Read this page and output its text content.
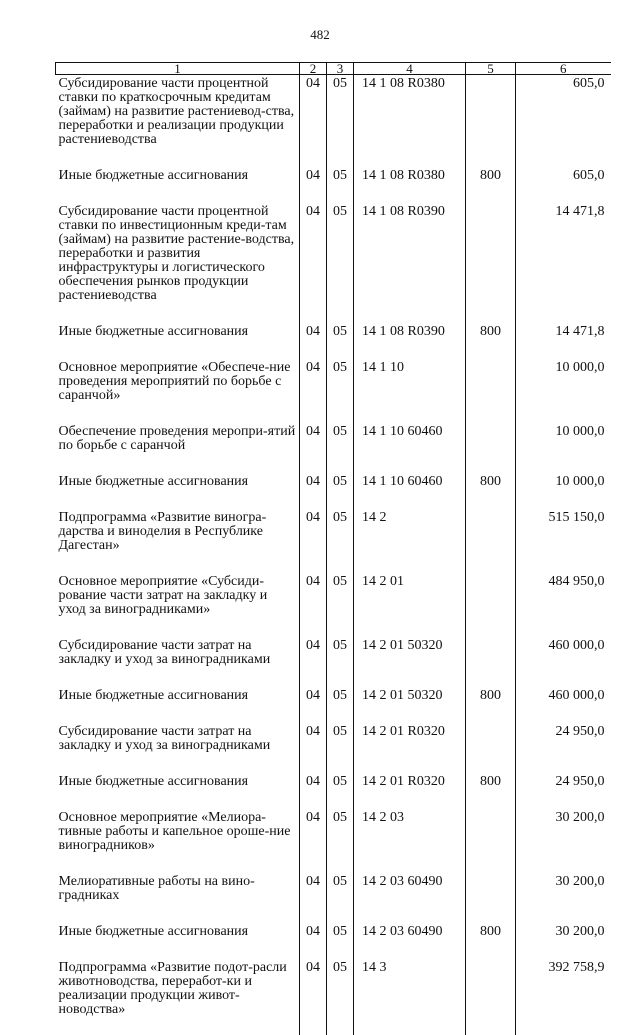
482
1	2	3	4	5	6
Субсидирование части процентной ставки по краткосрочным кредитам (займам) на развитие растениевод-ства, переработки и реализации продукции растениеводства	04	05	14 1 08 R0380		605,0
Иные бюджетные ассигнования	04	05	14 1 08 R0380	800	605,0
Субсидирование части процентной ставки по инвестиционным креди-там (займам) на развитие растение-водства, переработки и развития инфраструктуры и логистического обеспечения рынков продукции растениеводства	04	05	14 1 08 R0390		14 471,8
Иные бюджетные ассигнования	04	05	14 1 08 R0390	800	14 471,8
Основное мероприятие «Обеспече-ние проведения мероприятий по борьбе с саранчой»	04	05	14 1 10		10 000,0
Обеспечение проведения меропри-ятий по борьбе с саранчой	04	05	14 1 10 60460		10 000,0
Иные бюджетные ассигнования	04	05	14 1 10 60460	800	10 000,0
Подпрограмма «Развитие виногра-дарства и виноделия в Республике Дагестан»	04	05	14 2		515 150,0
Основное мероприятие «Субсиди-рование части затрат на закладку и уход за виноградниками»	04	05	14 2 01		484 950,0
Субсидирование части затрат на закладку и уход за виноградниками	04	05	14 2 01 50320		460 000,0
Иные бюджетные ассигнования	04	05	14 2 01 50320	800	460 000,0
Субсидирование части затрат на закладку и уход за виноградниками	04	05	14 2 01 R0320		24 950,0
Иные бюджетные ассигнования	04	05	14 2 01 R0320	800	24 950,0
Основное мероприятие «Мелиора-тивные работы и капельное ороше-ние виноградников»	04	05	14 2 03		30 200,0
Мелиоративные работы на вино-градниках	04	05	14 2 03 60490		30 200,0
Иные бюджетные ассигнования	04	05	14 2 03 60490	800	30 200,0
Подпрограмма «Развитие подот-расли животноводства, переработ-ки и реализации продукции живот-новодства»	04	05	14 3		392 758,9
